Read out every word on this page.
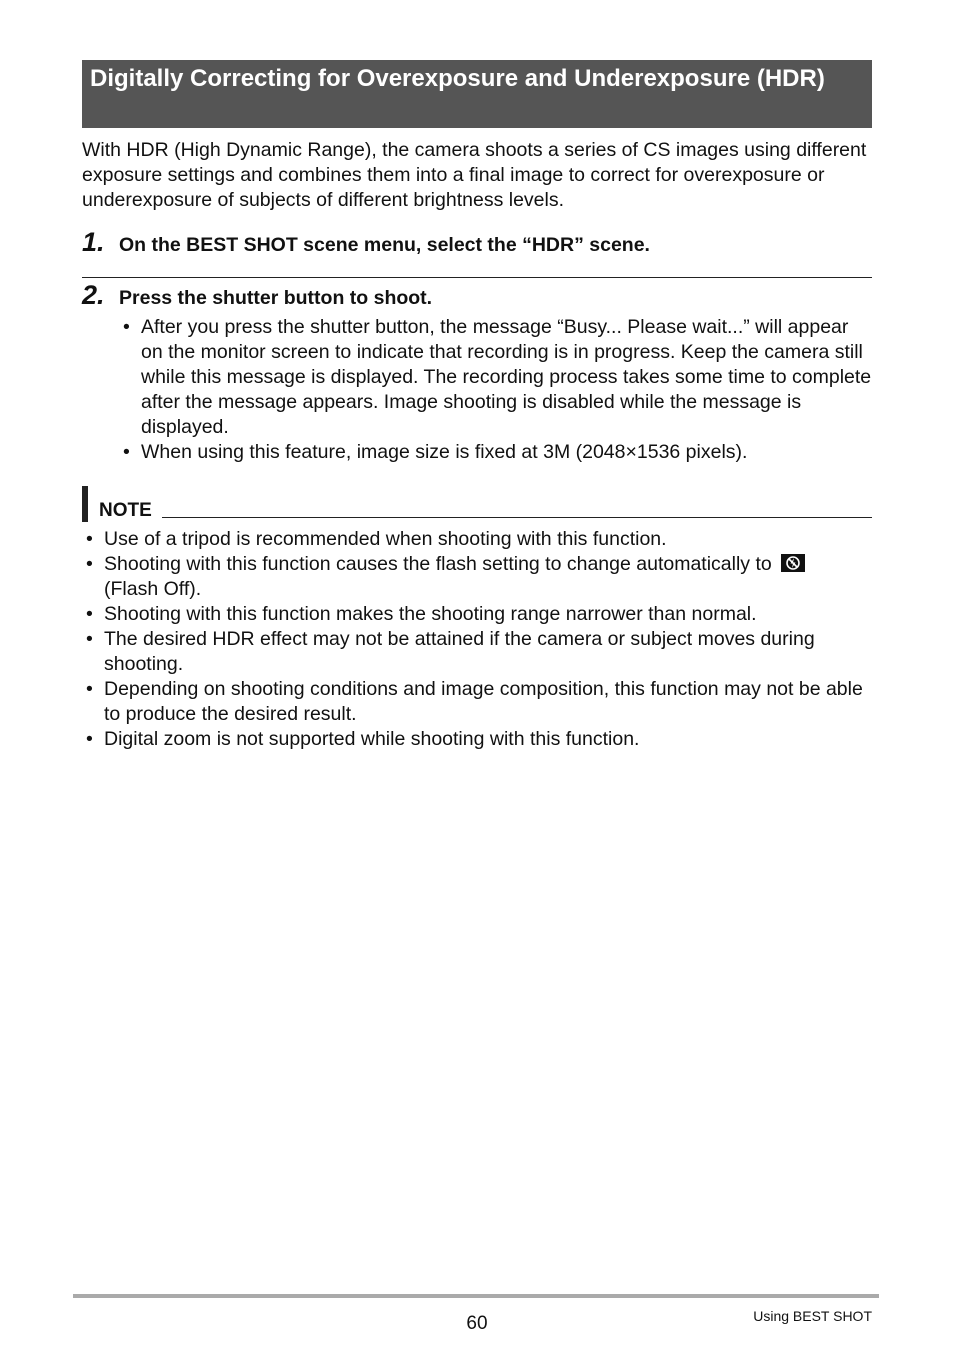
Digitally Correcting for Overexposure and Underexposure (HDR)

With HDR (High Dynamic Range), the camera shoots a series of CS images using different exposure settings and combines them into a final image to correct for overexposure or underexposure of subjects of different brightness levels.

1. On the BEST SHOT scene menu, select the “HDR” scene.
2. Press the shutter button to shoot.
• After you press the shutter button, the message “Busy... Please wait...” will appear on the monitor screen to indicate that recording is in progress. Keep the camera still while this message is displayed. The recording process takes some time to complete after the message appears. Image shooting is disabled while the message is displayed.
• When using this feature, image size is fixed at 3M (2048×1536 pixels).
NOTE
• Use of a tripod is recommended when shooting with this function.
• Shooting with this function causes the flash setting to change automatically to

(Flash Off).
• Shooting with this function makes the shooting range narrower than normal.
• The desired HDR effect may not be attained if the camera or subject moves during shooting.
• Depending on shooting conditions and image composition, this function may not be able to produce the desired result.
• Digital zoom is not supported while shooting with this function.
60	Using BEST SHOT
